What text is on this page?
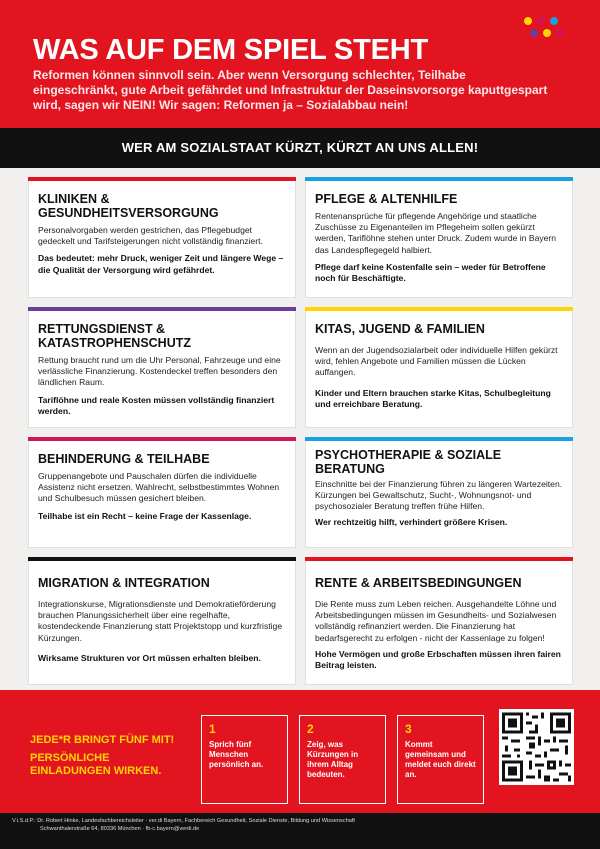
WAS AUF DEM SPIEL STEHT
Reformen können sinnvoll sein. Aber wenn Versorgung schlechter, Teilhabe eingeschränkt, gute Arbeit gefährdet und Infrastruktur der Daseinsvorsorge kaputtgespart wird, sagen wir NEIN! Wir sagen: Reformen ja – Sozialabbau nein!
WER AM SOZIALSTAAT KÜRZT, KÜRZT AN UNS ALLEN!
KLINIKEN & GESUNDHEITSVERSORGUNG
Personalvorgaben werden gestrichen, das Pflegebudget gedeckelt und Tarifsteigerungen nicht vollständig finanziert.
Das bedeutet: mehr Druck, weniger Zeit und längere Wege – die Qualität der Versorgung wird gefährdet.
PFLEGE & ALTENHILFE
Rentenansprüche für pflegende Angehörige und staatliche Zuschüsse zu Eigenanteilen im Pflegeheim sollen gekürzt werden, Tariflöhne stehen unter Druck. Zudem wurde in Bayern das Landespflegegeld halbiert.
Pflege darf keine Kostenfalle sein – weder für Betroffene noch für Beschäftigte.
RETTUNGSDIENST & KATASTROPHENSCHUTZ
Rettung braucht rund um die Uhr Personal, Fahrzeuge und eine verlässliche Finanzierung. Kostendeckel treffen besonders den ländlichen Raum.
Tariflöhne und reale Kosten müssen vollständig finanziert werden.
KITAS, JUGEND & FAMILIEN
Wenn an der Jugendsozialarbeit oder individuelle Hilfen gekürzt wird, fehlen Angebote und Familien müssen die Lücken auffangen.
Kinder und Eltern brauchen starke Kitas, Schulbegleitung und erreichbare Beratung.
BEHINDERUNG & TEILHABE
Gruppenangebote und Pauschalen dürfen die individuelle Assistenz nicht ersetzen. Wahlrecht, selbstbestimmtes Wohnen und Schulbesuch müssen gesichert bleiben.
Teilhabe ist ein Recht – keine Frage der Kassenlage.
PSYCHOTHERAPIE & SOZIALE BERATUNG
Einschnitte bei der Finanzierung führen zu längeren Wartezeiten. Kürzungen bei Gewaltschutz, Sucht-, Wohnungsnot- und psychosozialer Beratung treffen frühe Hilfen.
Wer rechtzeitig hilft, verhindert größere Krisen.
MIGRATION & INTEGRATION
Integrationskurse, Migrationsdienste und Demokratieförderung brauchen Planungssicherheit über eine regelhafte, kostendeckende Finanzierung statt Projektstopp und kurzfristige Kürzungen.
Wirksame Strukturen vor Ort müssen erhalten bleiben.
RENTE & ARBEITSBEDINGUNGEN
Die Rente muss zum Leben reichen. Ausgehandelte Löhne und Arbeitsbedingungen müssen im Gesundheits- und Sozialwesen vollständig refinanziert werden. Die Finanzierung hat bedarfsgerecht zu erfolgen - nicht der Kassenlage zu folgen!
Hohe Vermögen und große Erbschaften müssen ihren fairen Beitrag leisten.
JEDE*R BRINGT FÜNF MIT!
PERSÖNLICHE EINLADUNGEN WIRKEN.
1
Sprich fünf Menschen persönlich an.
2
Zeig, was Kürzungen in ihrem Alltag bedeuten.
3
Kommt gemeinsam und meldet euch direkt an.
V.i.S.d.P.: Dr. Robert Hinke, Landesfachbereichsleiter · ver.di Bayern, Fachbereich Gesundheit, Soziale Dienste, Bildung und Wissenschaft
Schwanthalerstraße 64, 80336 München · fb-c.bayern@verdi.de
